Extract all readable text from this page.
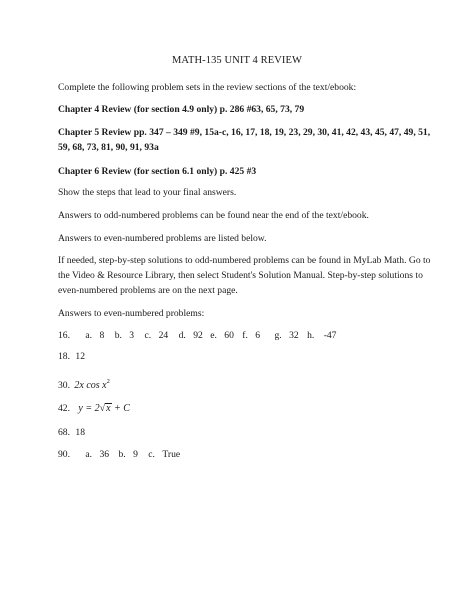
MATH-135 UNIT 4 REVIEW
Complete the following problem sets in the review sections of the text/ebook:
Chapter 4 Review (for section 4.9 only) p. 286 #63, 65, 73, 79
Chapter 5 Review pp. 347 – 349 #9, 15a-c, 16, 17, 18, 19, 23, 29, 30, 41, 42, 43, 45, 47, 49, 51,
59, 68, 73, 81, 90, 91, 93a
Chapter 6 Review (for section 6.1 only) p. 425 #3
Show the steps that lead to your final answers.
Answers to odd-numbered problems can be found near the end of the text/ebook.
Answers to even-numbered problems are listed below.
If needed, step-by-step solutions to odd-numbered problems can be found in MyLab Math. Go to
the Video & Resource Library, then select Student's Solution Manual. Step-by-step solutions to
even-numbered problems are on the next page.
Answers to even-numbered problems:
16. a. 8 b. 3 c. 24 d. 92 e. 60 f. 6 g. 32 h. -47
18. 12
30. 2x $\cos x^2$
42. y = 2√x + C
68. 18
90. a. 36 b. 9 c. True
